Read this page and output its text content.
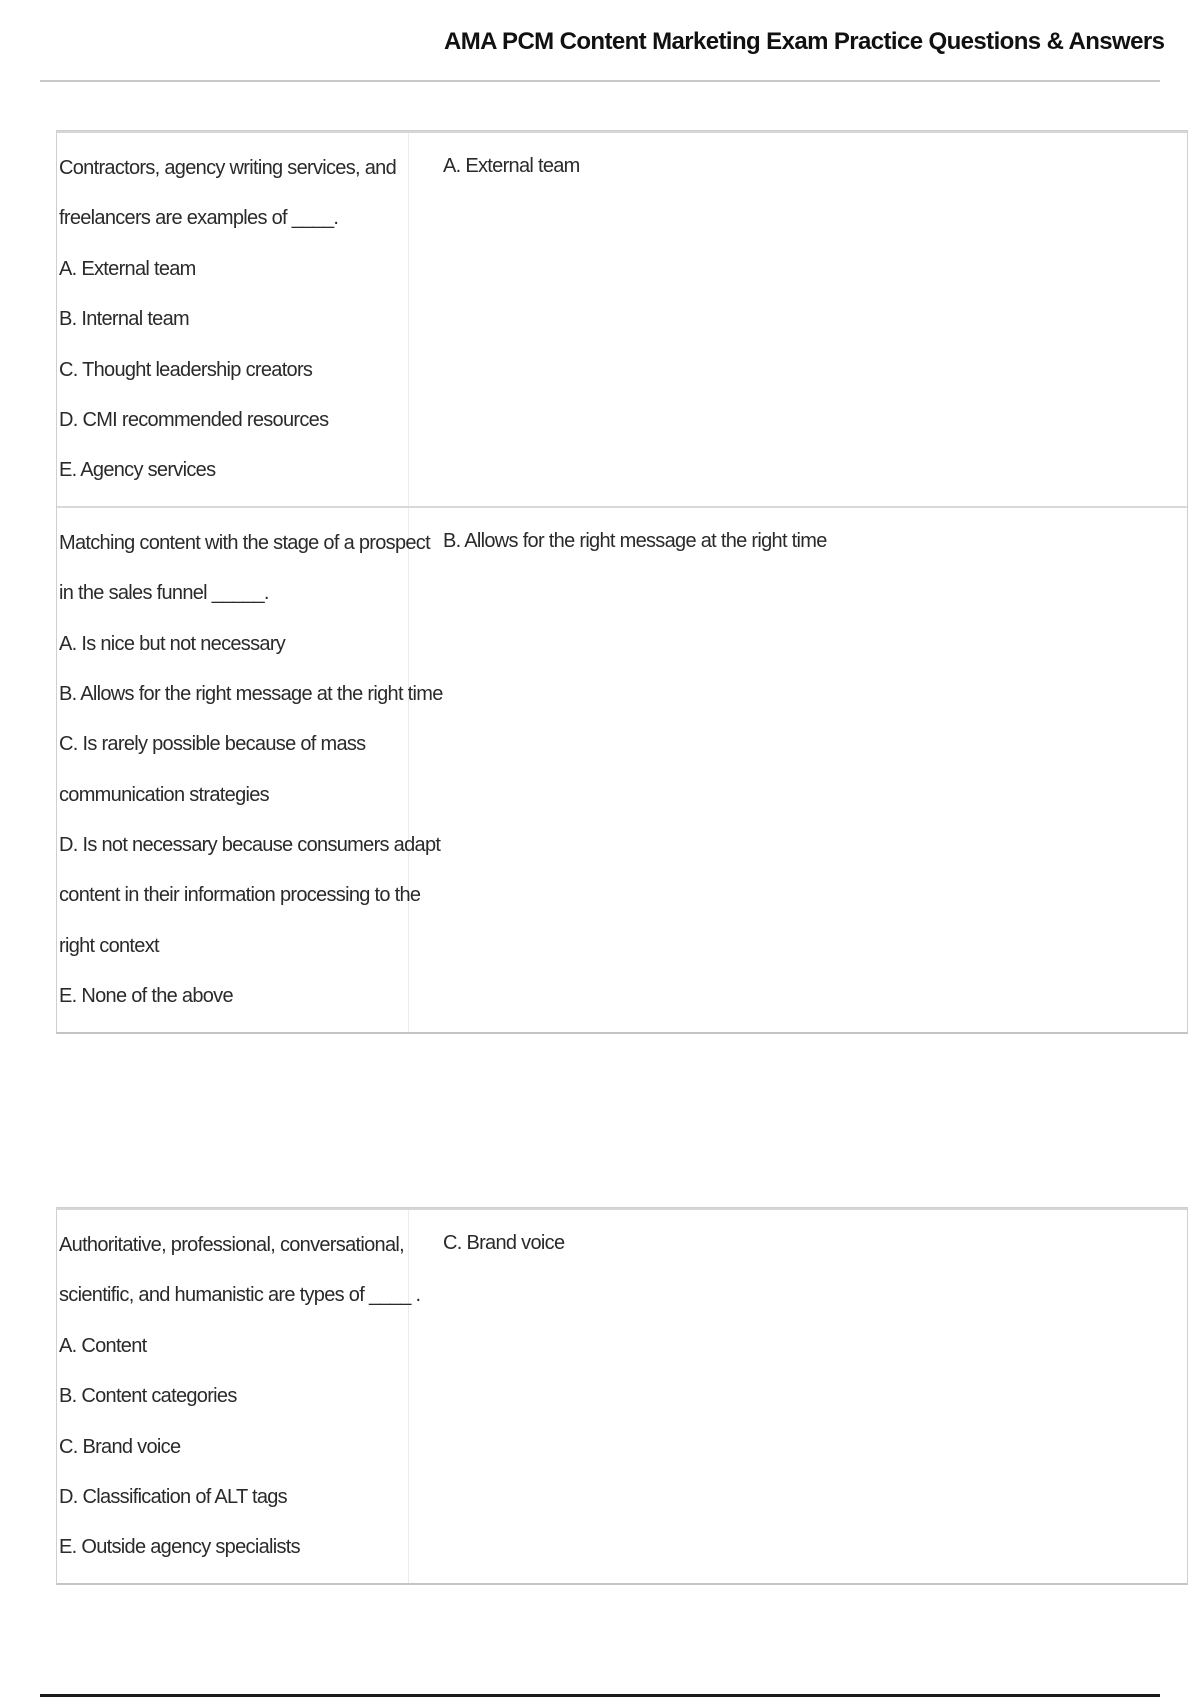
AMA PCM Content Marketing Exam Practice Questions & Answers
Contractors, agency writing services, and
freelancers are examples of ____.
A. External team
B. Internal team
C. Thought leadership creators
D. CMI recommended resources
E. Agency services
A. External team
Matching content with the stage of a prospect
in the sales funnel _____.
A. Is nice but not necessary
B. Allows for the right message at the right time
C. Is rarely possible because of mass
communication strategies
D. Is not necessary because consumers adapt
content in their information processing to the
right context
E. None of the above
B. Allows for the right message at the right time
Authoritative, professional, conversational,
scientific, and humanistic are types of ____ .
A. Content
B. Content categories
C. Brand voice
D. Classification of ALT tags
E. Outside agency specialists
C. Brand voice
